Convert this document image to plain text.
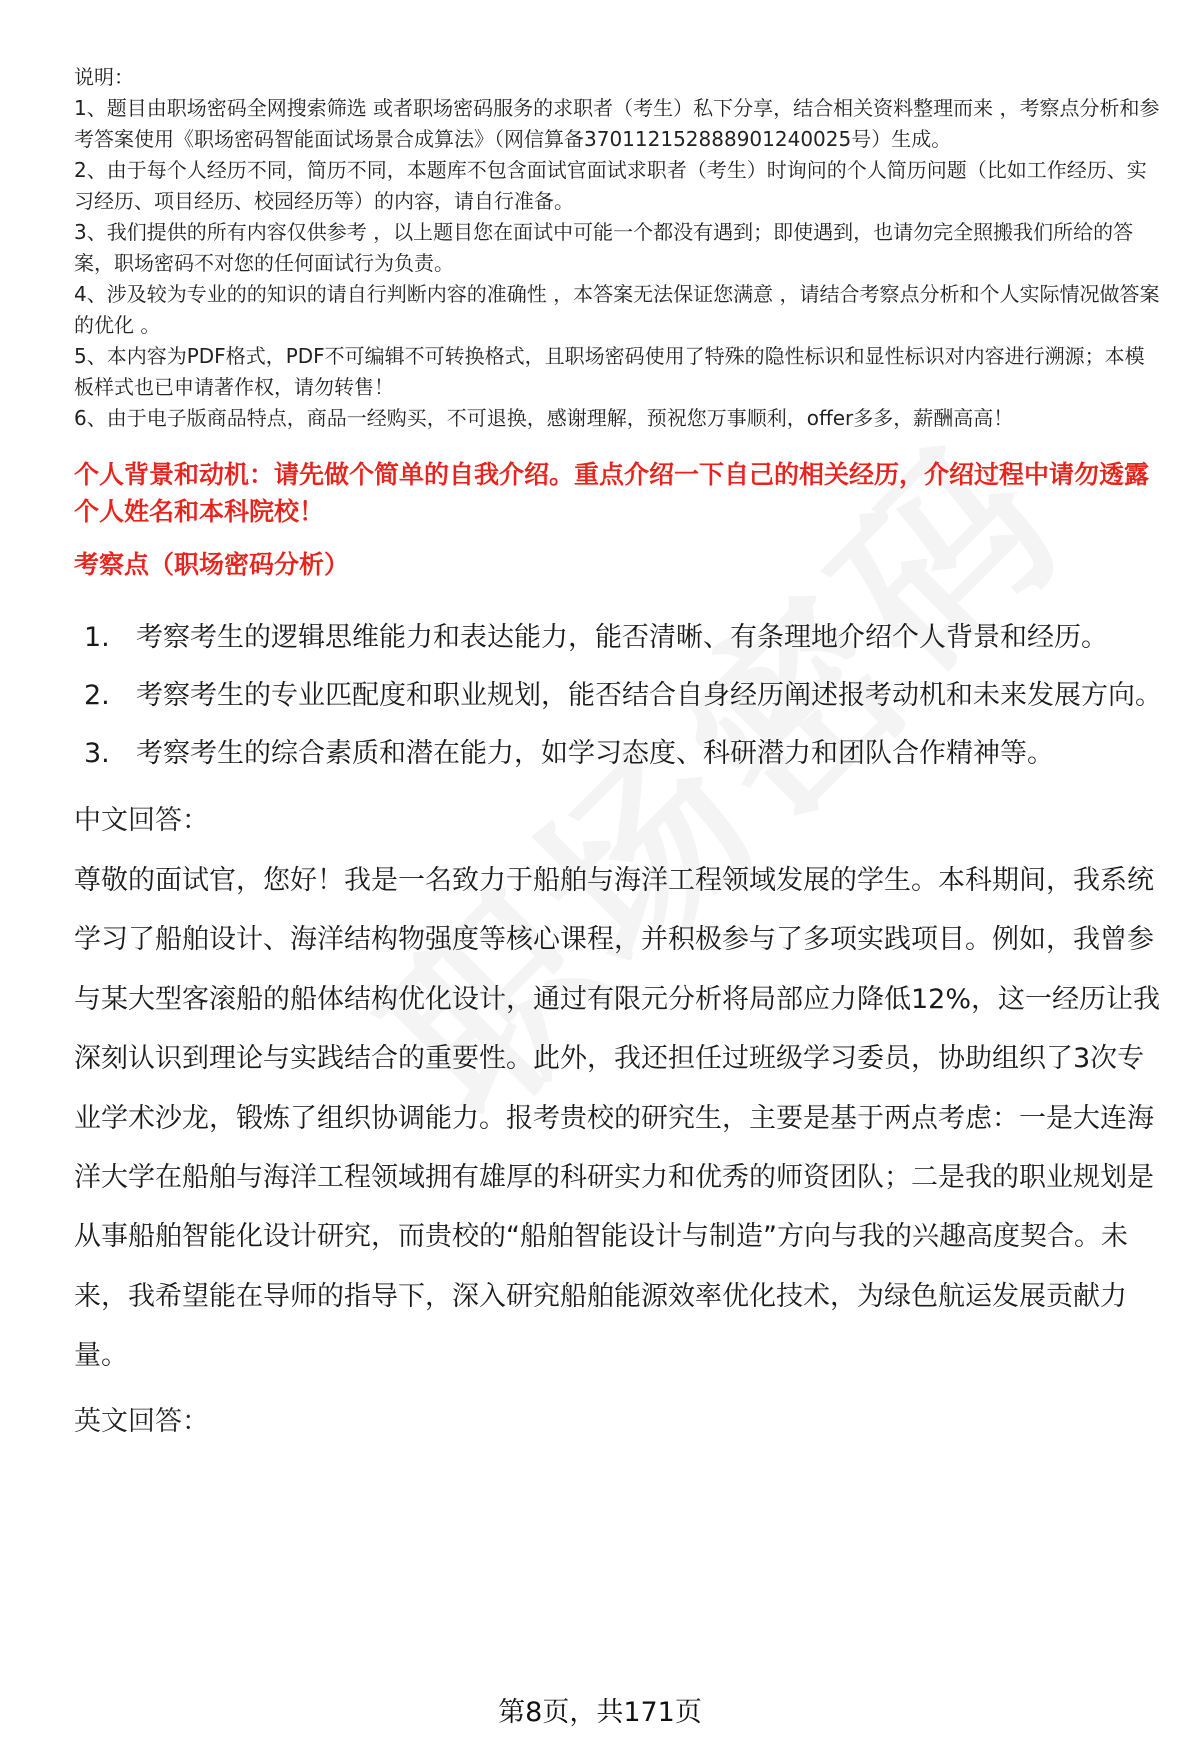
说明：

1、题目由职场密码全网搜索筛选 或者职场密码服务的求职者（考生）私下分享，结合相关资料整理而来 ，考察点分析和参考答案使用《职场密码智能面试场景合成算法》（网信算备370112152888901240025号）生成。

2、由于每个人经历不同，简历不同，本题库不包含面试官面试求职者（考生）时询问的个人简历问题（比如工作经历、实习经历、项目经历、校园经历等）的内容，请自行准备。

3、我们提供的所有内容仅供参考 ，以上题目您在面试中可能一个都没有遇到；即使遇到，也请勿完全照搬我们所给的答案，职场密码不对您的任何面试行为负责。

4、涉及较为专业的的知识的请自行判断内容的准确性 ，本答案无法保证您满意 ，请结合考察点分析和个人实际情况做答案的优化 。

5、本内容为PDF格式，PDF不可编辑不可转换格式，且职场密码使用了特殊的隐性标识和显性标识对内容进行溯源；本模板样式也已申请著作权，请勿转售！

6、由于电子版商品特点，商品一经购买，不可退换，感谢理解，预祝您万事顺利，offer多多，薪酬高高！

个人背景和动机：请先做个简单的自我介绍。重点介绍一下自己的相关经历，介绍过程中请勿透露个人姓名和本科院校！
考察点（职场密码分析）
1. 考察考生的逻辑思维能力和表达能力，能否清晰、有条理地介绍个人背景和经历。
2. 考察考生的专业匹配度和职业规划，能否结合自身经历阐述报考动机和未来发展方向。
3. 考察考生的综合素质和潜在能力，如学习态度、科研潜力和团队合作精神等。
中文回答：
尊敬的面试官，您好！我是一名致力于船舶与海洋工程领域发展的学生。本科期间，我系统学习了船舶设计、海洋结构物强度等核心课程，并积极参与了多项实践项目。例如，我曾参与某大型客滚船的船体结构优化设计，通过有限元分析将局部应力降低12%，这一经历让我深刻认识到理论与实践结合的重要性。此外，我还担任过班级学习委员，协助组织了3次专业学术沙龙，锻炼了组织协调能力。报考贵校的研究生，主要是基于两点考虑：一是大连海洋大学在船舶与海洋工程领域拥有雄厚的科研实力和优秀的师资团队；二是我的职业规划是从事船舶智能化设计研究，而贵校的“船舶智能设计与制造”方向与我的兴趣高度契合。未来，我希望能在导师的指导下，深入研究船舶能源效率优化技术，为绿色航运发展贡献力量。
英文回答：
第8页，共171页
